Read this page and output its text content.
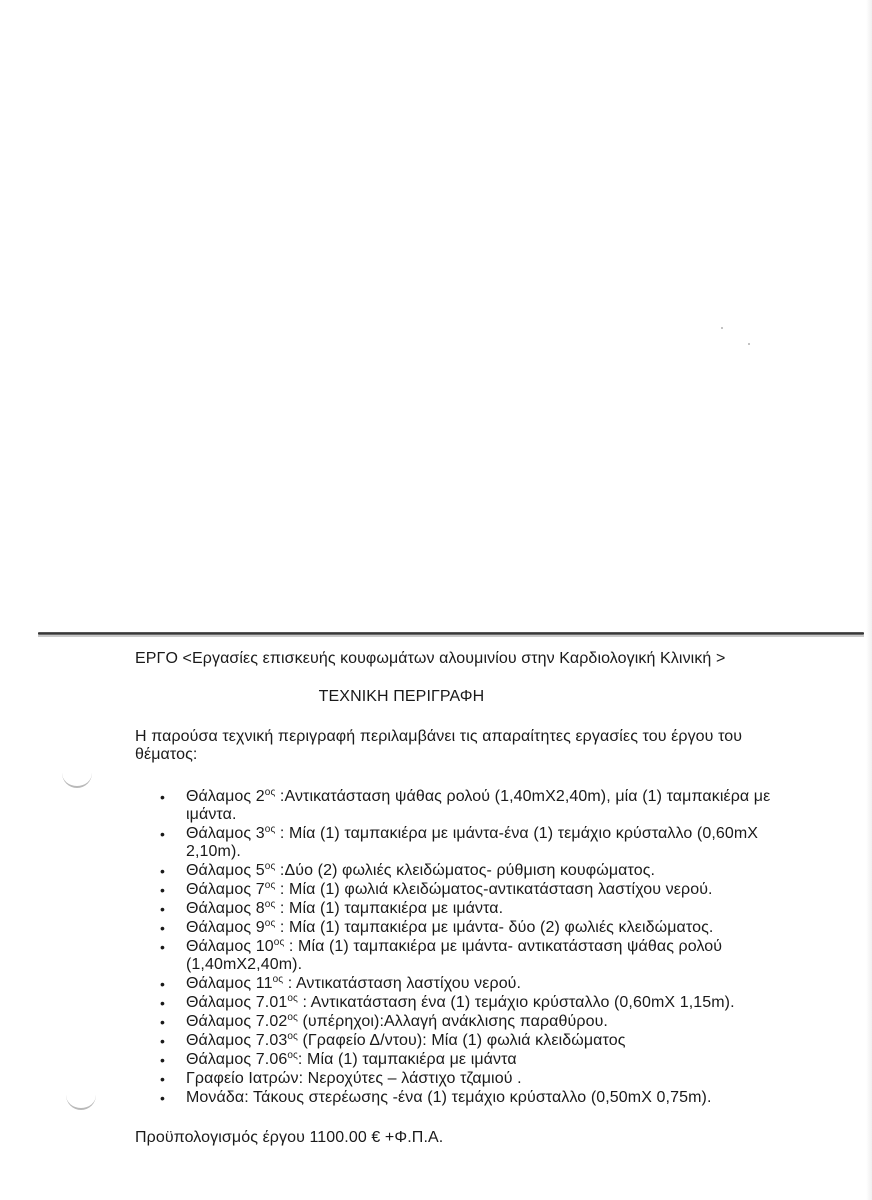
ΕΡΓΟ <Εργασίες επισκευής κουφωμάτων αλουμινίου στην Καρδιολογική Κλινική >

ΤΕΧΝΙΚΗ ΠΕΡΙΓΡΑΦΗ

Η παρούσα τεχνική περιγραφή περιλαμβάνει τις απαραίτητες εργασίες του έργου του θέματος:

• Θάλαμος $2^{o\varsigma}$ :Αντικατάσταση ψάθας ρολού (1,40mX2,40m), μία (1) ταμπακιέρα με ιμάντα.
• Θάλαμος $3^{o\varsigma}$ : Μία (1) ταμπακιέρα με ιμάντα-ένα (1) τεμάχιο κρύσταλλο (0,60mX 2,10m).
• Θάλαμος $5^{o\varsigma}$ :Δύο (2) φωλιές κλειδώματος- ρύθμιση κουφώματος.
• Θάλαμος $7^{o\varsigma}$ : Μία (1) φωλιά κλειδώματος-αντικατάσταση λαστίχου νερού.
• Θάλαμος $8^{o\varsigma}$ : Μία (1) ταμπακιέρα με ιμάντα.
• Θάλαμος $9^{o\varsigma}$ : Μία (1) ταμπακιέρα με ιμάντα- δύο (2) φωλιές κλειδώματος.
• Θάλαμος $10^{o\varsigma}$ : Μία (1) ταμπακιέρα με ιμάντα- αντικατάσταση ψάθας ρολού (1,40mX2,40m).
• Θάλαμος $11^{o\varsigma}$ : Αντικατάσταση λαστίχου νερού.
• Θάλαμος $7.01^{o\varsigma}$ : Αντικατάσταση ένα (1) τεμάχιο κρύσταλλο (0,60mX 1,15m).
• Θάλαμος $7.02^{o\varsigma}$ (υπέρηχοι):Αλλαγή ανάκλισης παραθύρου.
• Θάλαμος $7.03^{o\varsigma}$ (Γραφείο Δ/ντου): Μία (1) φωλιά κλειδώματος
• Θάλαμος $7.06^{o\varsigma}$: Μία (1) ταμπακιέρα με ιμάντα
• Γραφείο Ιατρών: Νεροχύτες – λάστιχο τζαμιού .
• Μονάδα: Τάκους στερέωσης -ένα (1) τεμάχιο κρύσταλλο (0,50mX 0,75m).

Προϋπολογισμός έργου 1100.00 € +Φ.Π.Α.
